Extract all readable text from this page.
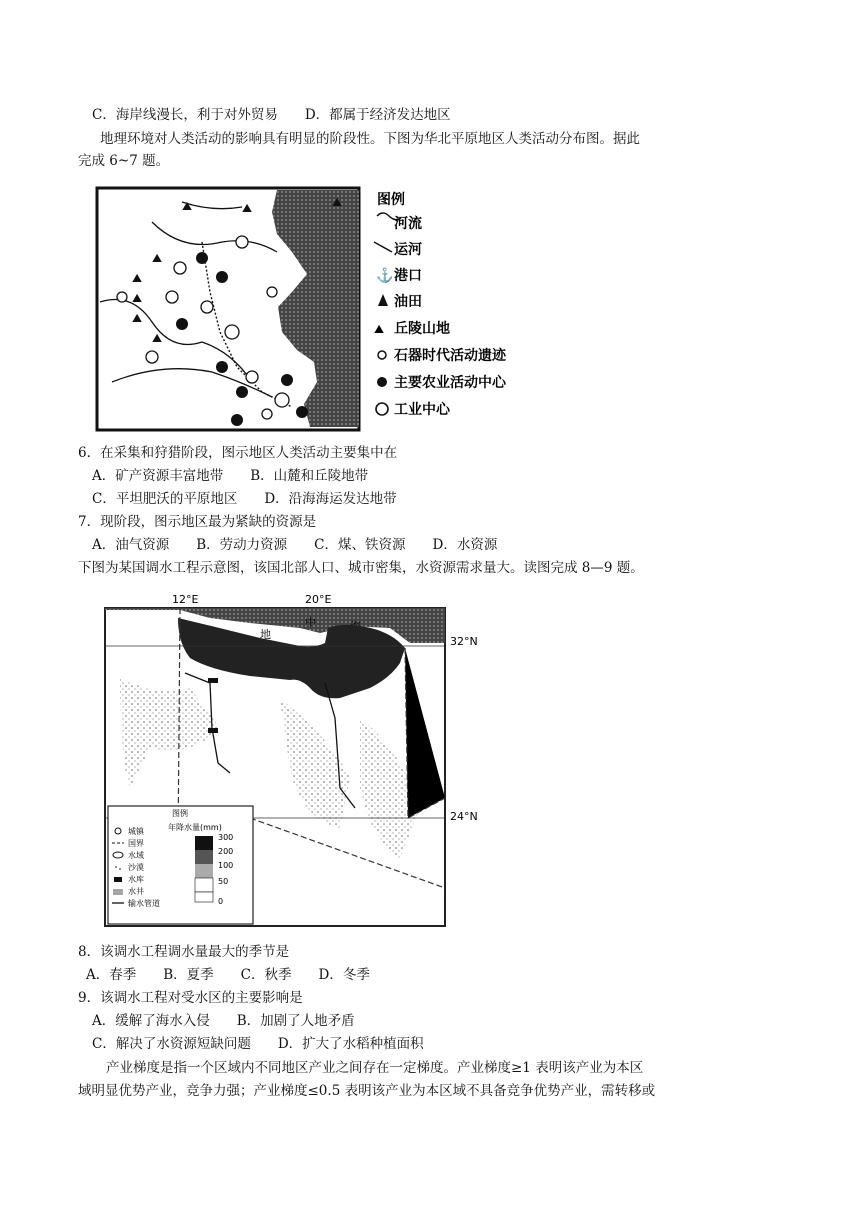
C．海岸线漫长，利于对外贸易　　D．都属于经济发达地区
地理环境对人类活动的影响具有明显的阶段性。下图为华北平原地区人类活动分布图。据此
完成 6~7 题。
⛰
⛰
⛰
⛰
⛰
⛰	⛰	⛰ 图例
河流
运河
⚓ 港口
油田
⛰ 丘陵山地
石器时代活动遗迹
主要农业活动中心
工业中心
6．在采集和狩猎阶段，图示地区人类活动主要集中在
A．矿产资源丰富地带　　B．山麓和丘陵地带
C．平坦肥沃的平原地区　　D．沿海海运发达地带
7．现阶段，图示地区最为紧缺的资源是
A．油气资源　　B．劳动力资源　　C．煤、铁资源　　D．水资源
下图为某国调水工程示意图，该国北部人口、城市密集，水资源需求量大。读图完成 8—9 题。
12°E	20°E
地
中
32°N
24°N
图例
城镇
国界
水域
沙漠
水库
水井
输水管道
年降水量(mm)
300
200
100
50
0
8．该调水工程调水量最大的季节是
A．春季　　B．夏季　　C．秋季　　D．冬季
9．该调水工程对受水区的主要影响是
A．缓解了海水入侵　　B．加剧了人地矛盾
C．解决了水资源短缺问题　　D．扩大了水稻种植面积
产业梯度是指一个区域内不同地区产业之间存在一定梯度。产业梯度≥1 表明该产业为本区
域明显优势产业，竞争力强；产业梯度≤0.5 表明该产业为本区域不具备竞争优势产业，需转移或
